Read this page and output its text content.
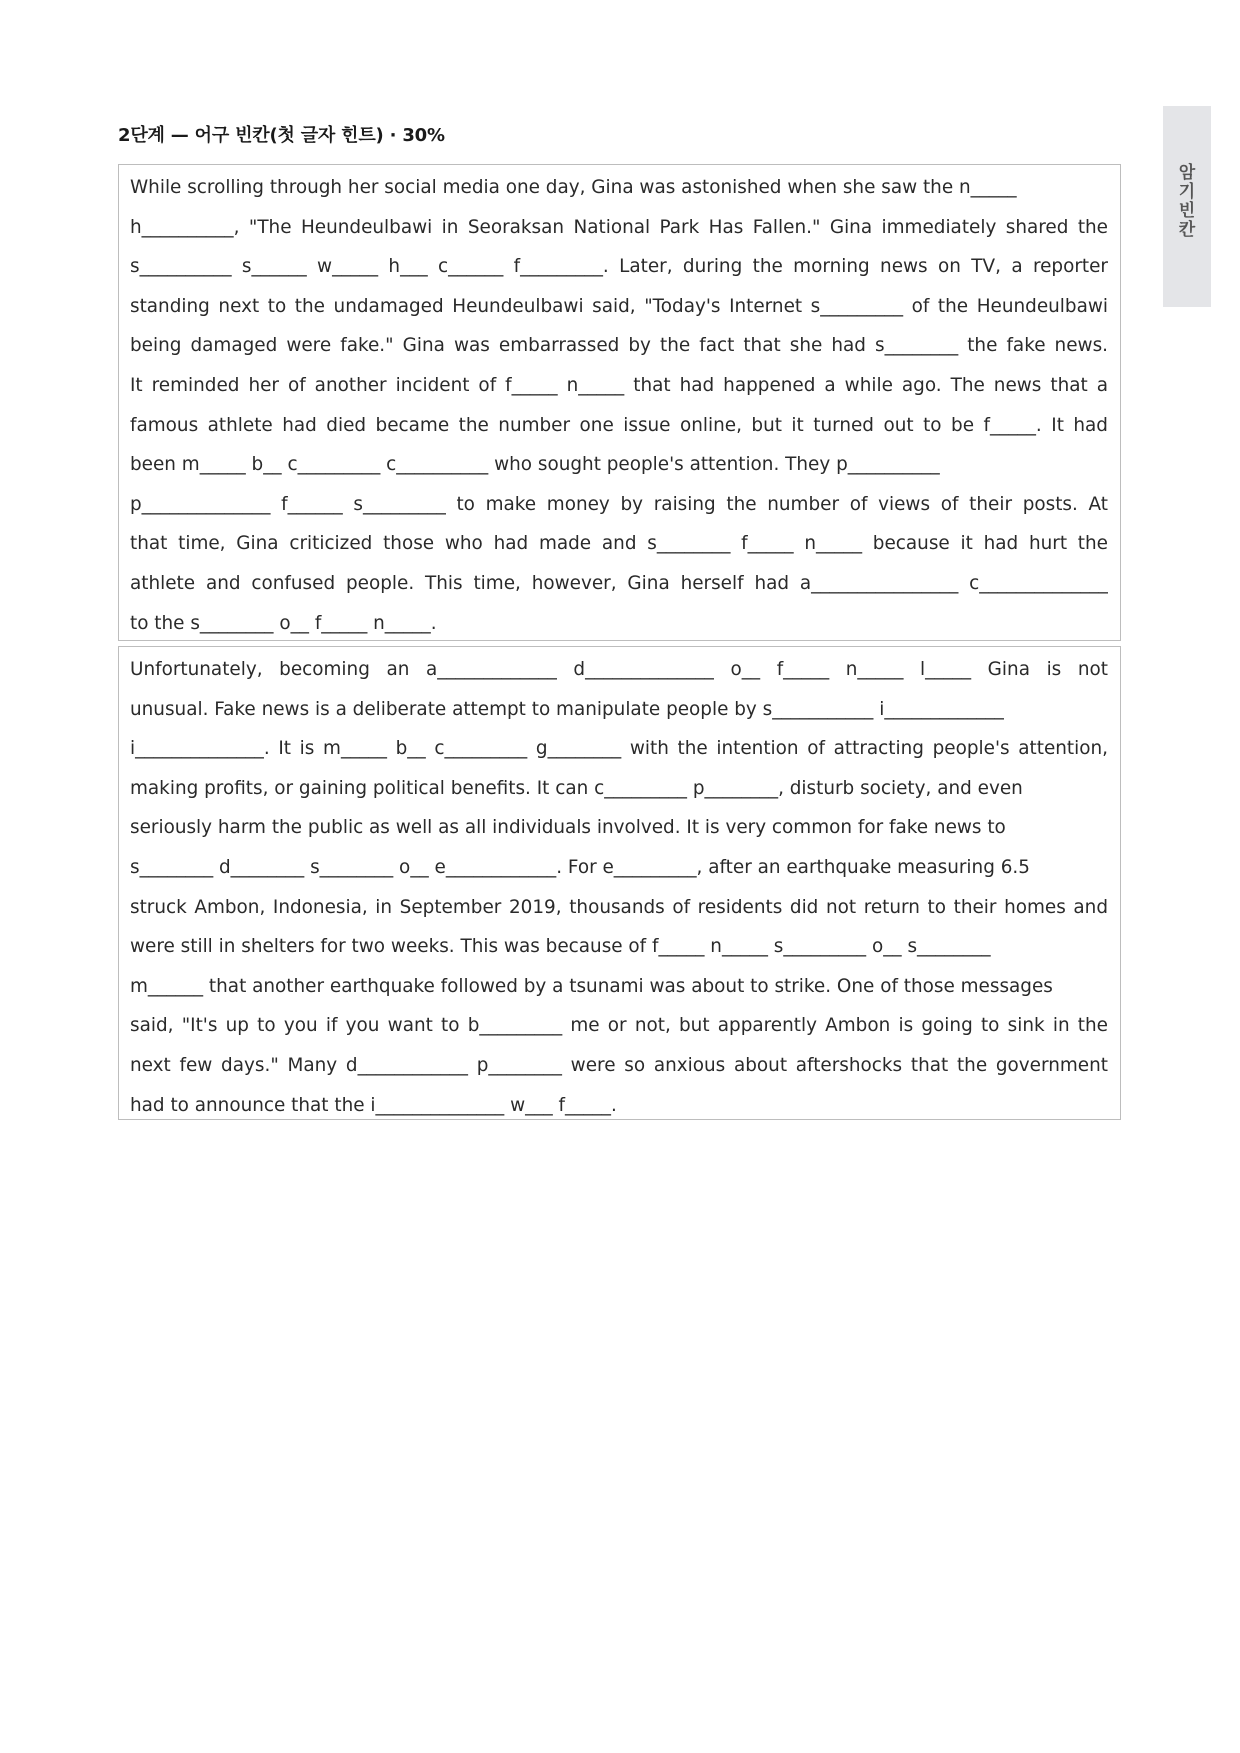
암기빈칸
2단계 — 어구 빈칸(첫 글자 힌트) · 30%
While scrolling through her social media one day, Gina was astonished when she saw the n_____
h__________, "The Heundeulbawi in Seoraksan National Park Has Fallen." Gina immediately shared the
s__________ s______ w_____ h___ c______ f_________. Later, during the morning news on TV, a reporter
standing next to the undamaged Heundeulbawi said, "Today's Internet s_________ of the Heundeulbawi
being damaged were fake." Gina was embarrassed by the fact that she had s________ the fake news.
It reminded her of another incident of f_____ n_____ that had happened a while ago. The news that a
famous athlete had died became the number one issue online, but it turned out to be f_____. It had
been m_____ b__ c_________ c__________ who sought people's attention. They p__________
p______________ f______ s_________ to make money by raising the number of views of their posts. At
that time, Gina criticized those who had made and s________ f_____ n_____ because it had hurt the
athlete and confused people. This time, however, Gina herself had a________________ c______________
to the s________ o__ f_____ n_____.
Unfortunately, becoming an a_____________ d______________ o__ f_____ n_____ l_____ Gina is not
unusual. Fake news is a deliberate attempt to manipulate people by s___________ i_____________
i______________. It is m_____ b__ c_________ g________ with the intention of attracting people's attention,
making profits, or gaining political benefits. It can c_________ p________, disturb society, and even
seriously harm the public as well as all individuals involved. It is very common for fake news to
s________ d________ s________ o__ e____________. For e_________, after an earthquake measuring 6.5
struck Ambon, Indonesia, in September 2019, thousands of residents did not return to their homes and
were still in shelters for two weeks. This was because of f_____ n_____ s_________ o__ s________
m______ that another earthquake followed by a tsunami was about to strike. One of those messages
said, "It's up to you if you want to b_________ me or not, but apparently Ambon is going to sink in the
next few days." Many d____________ p________ were so anxious about aftershocks that the government
had to announce that the i______________ w___ f_____.
